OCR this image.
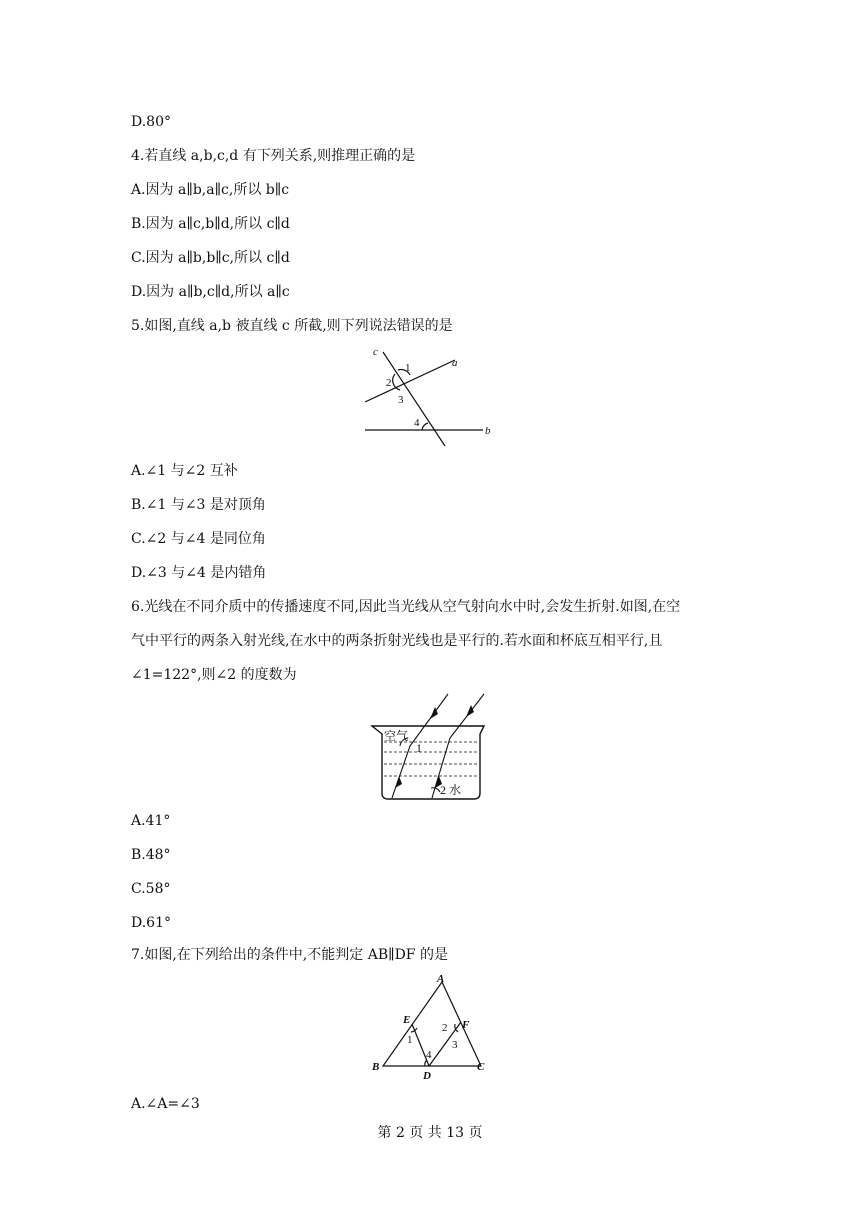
D.80°
4.若直线 a,b,c,d 有下列关系,则推理正确的是
A.因为 a∥b,a∥c,所以 b∥c
B.因为 a∥c,b∥d,所以 c∥d
C.因为 a∥b,b∥c,所以 c∥d
D.因为 a∥b,c∥d,所以 a∥c
5.如图,直线 a,b 被直线 c 所截,则下列说法错误的是
c
a
b
1
2
3
4
A.∠1 与∠2 互补
B.∠1 与∠3 是对顶角
C.∠2 与∠4 是同位角
D.∠3 与∠4 是内错角
6.光线在不同介质中的传播速度不同,因此当光线从空气射向水中时,会发生折射.如图,在空
气中平行的两条入射光线,在水中的两条折射光线也是平行的.若水面和杯底互相平行,且
∠1=122°,则∠2 的度数为
空气
1
2 水
A.41°
B.48°
C.58°
D.61°
7.如图,在下列给出的条件中,不能判定 AB∥DF 的是
A
E	F
B
D
C
1
2
3
4
A.∠A=∠3
第 2 页 共 13 页
